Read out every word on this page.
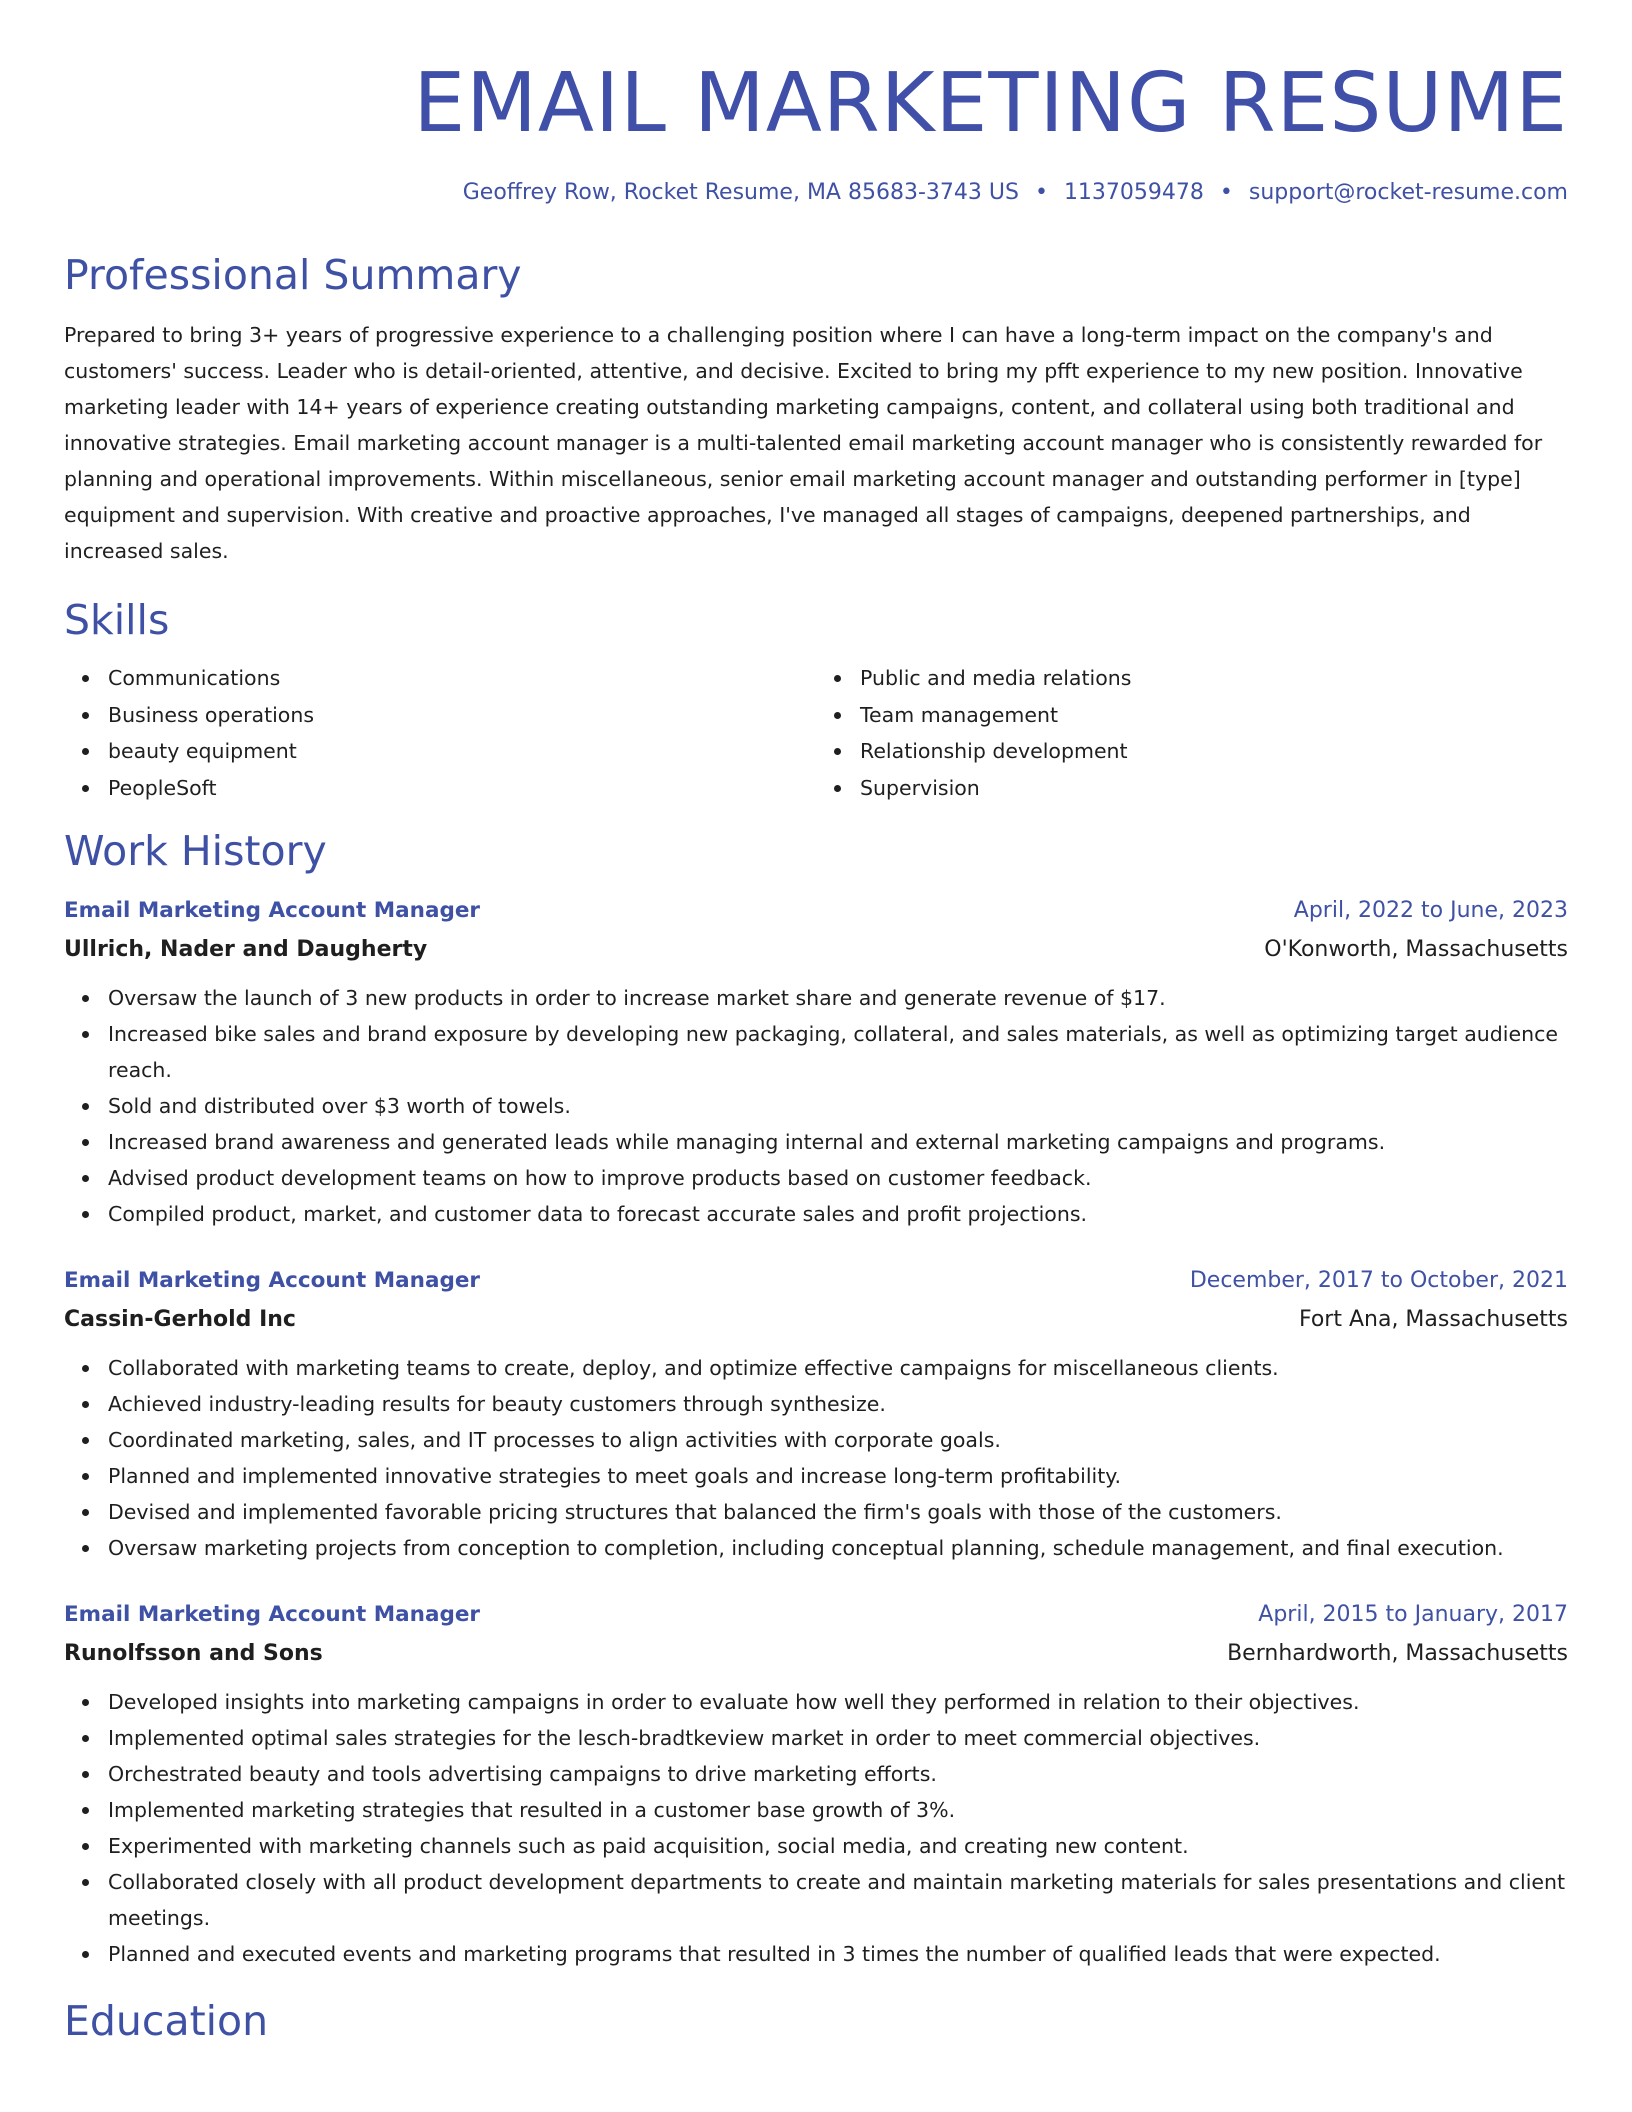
EMAIL MARKETING RESUME
Geoffrey Row, Rocket Resume, MA 85683-3743 US • 1137059478 • support@rocket-resume.com
Professional Summary
Prepared to bring 3+ years of progressive experience to a challenging position where I can have a long-term impact on the company's and customers' success. Leader who is detail-oriented, attentive, and decisive. Excited to bring my pfft experience to my new position. Innovative marketing leader with 14+ years of experience creating outstanding marketing campaigns, content, and collateral using both traditional and innovative strategies. Email marketing account manager is a multi-talented email marketing account manager who is consistently rewarded for planning and operational improvements. Within miscellaneous, senior email marketing account manager and outstanding performer in [type] equipment and supervision. With creative and proactive approaches, I've managed all stages of campaigns, deepened partnerships, and increased sales.
Skills
Communications
Business operations
beauty equipment
PeopleSoft
Public and media relations
Team management
Relationship development
Supervision
Work History
Email Marketing Account Manager	April, 2022 to June, 2023
Ullrich, Nader and Daugherty	O'Konworth, Massachusetts
Oversaw the launch of 3 new products in order to increase market share and generate revenue of $17.
Increased bike sales and brand exposure by developing new packaging, collateral, and sales materials, as well as optimizing target audience reach.
Sold and distributed over $3 worth of towels.
Increased brand awareness and generated leads while managing internal and external marketing campaigns and programs.
Advised product development teams on how to improve products based on customer feedback.
Compiled product, market, and customer data to forecast accurate sales and profit projections.
Email Marketing Account Manager	December, 2017 to October, 2021
Cassin-Gerhold Inc	Fort Ana, Massachusetts
Collaborated with marketing teams to create, deploy, and optimize effective campaigns for miscellaneous clients.
Achieved industry-leading results for beauty customers through synthesize.
Coordinated marketing, sales, and IT processes to align activities with corporate goals.
Planned and implemented innovative strategies to meet goals and increase long-term profitability.
Devised and implemented favorable pricing structures that balanced the firm's goals with those of the customers.
Oversaw marketing projects from conception to completion, including conceptual planning, schedule management, and final execution.
Email Marketing Account Manager	April, 2015 to January, 2017
Runolfsson and Sons	Bernhardworth, Massachusetts
Developed insights into marketing campaigns in order to evaluate how well they performed in relation to their objectives.
Implemented optimal sales strategies for the lesch-bradtkeview market in order to meet commercial objectives.
Orchestrated beauty and tools advertising campaigns to drive marketing efforts.
Implemented marketing strategies that resulted in a customer base growth of 3%.
Experimented with marketing channels such as paid acquisition, social media, and creating new content.
Collaborated closely with all product development departments to create and maintain marketing materials for sales presentations and client meetings.
Planned and executed events and marketing programs that resulted in 3 times the number of qualified leads that were expected.
Education
